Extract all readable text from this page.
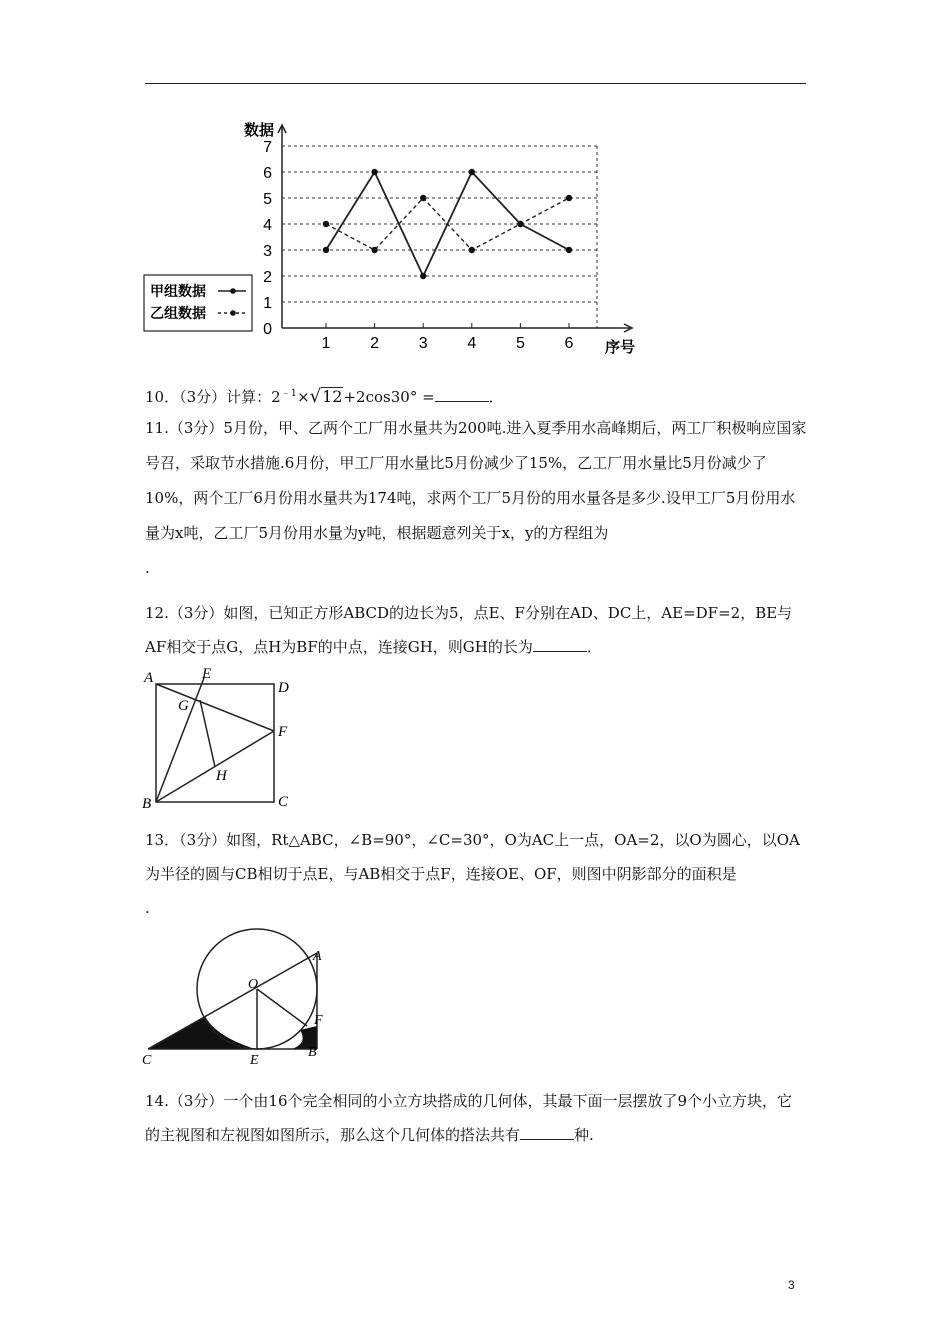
0
1
2
3
4
5
6
7
1 2 3 4 5 6
数据
序号
甲组数据
乙组数据

10．（3分）计算：$2^{﹣1}\times√12+2\cos 30^\circ$ =	．

11.（3分）5月份，甲、乙两个工厂用水量共为200吨.进入夏季用水高峰期后，两工厂积极响应国家号召，采取节水措施.6月份，甲工厂用水量比5月份减少了15%，乙工厂用水量比5月份减少了10%，两个工厂6月份用水量共为174吨，求两个工厂5月份的用水量各是多少.设甲工厂5月份用水量为x吨，乙工厂5月份用水量为y吨，根据题意列关于x，y的方程组为

.

12.（3分）如图，已知正方形ABCD的边长为5，点E、F分别在AD、DC上，AE=DF=2，BE与AF相交于点G，点H为BF的中点，连接GH，则GH的长为	．

A	E
D
G
F
H
B	C

13．（3分）如图，Rt△ABC，∠B=90°，∠C=30°，O为AC上一点，OA=2，以O为圆心，以OA为半径的圆与CB相切于点E，与AB相交于点F，连接OE、OF，则图中阴影部分的面积是

.

A
O
F
C	E
B

14.（3分）一个由16个完全相同的小立方块搭成的几何体，其最下面一层摆放了9个小立方块，它的主视图和左视图如图所示，那么这个几何体的搭法共有	种.

3
